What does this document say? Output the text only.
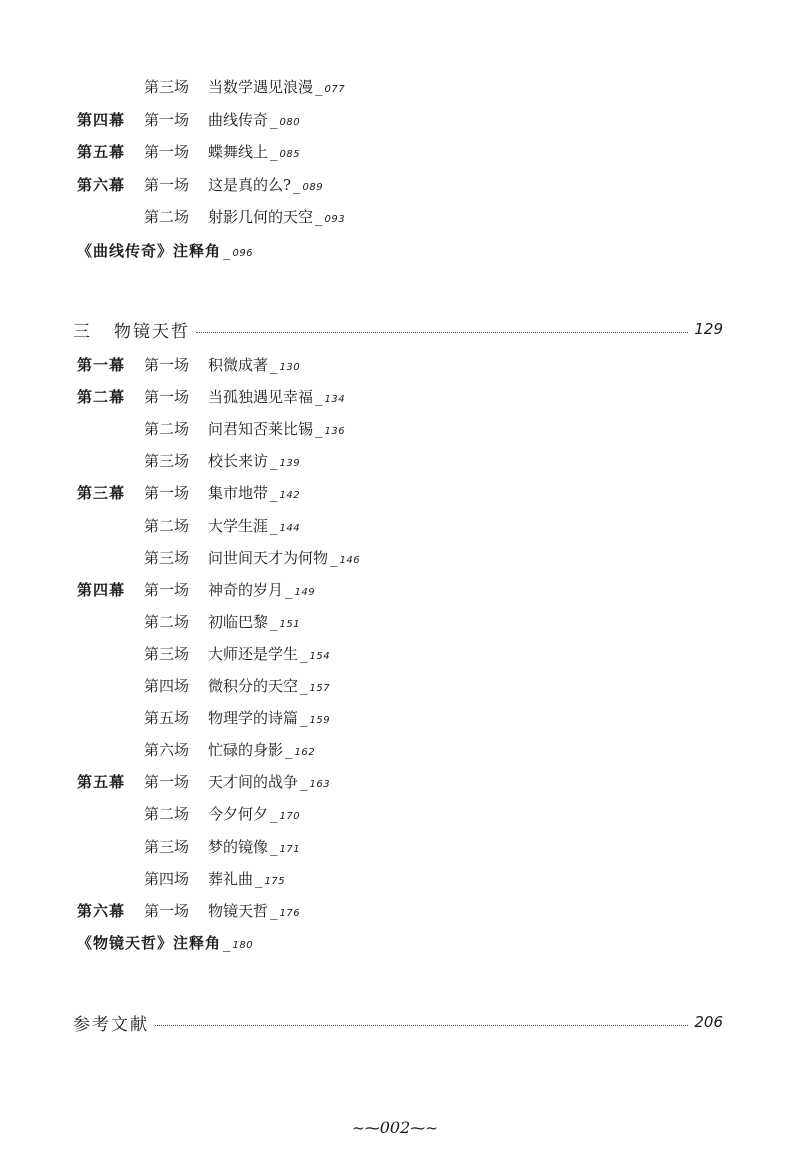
第三场 当数学遇见浪漫 _ 077
第四幕 第一场 曲线传奇 _ 080
第五幕 第一场 蝶舞线上 _ 085
第六幕 第一场 这是真的么? _ 089
第二场 射影几何的天空 _ 093
《曲线传奇》注释角 _ 096
三 物镜天哲	129
第一幕 第一场 积微成著 _ 130
第二幕 第一场 当孤独遇见幸福 _ 134
第二场 问君知否莱比锡 _ 136
第三场 校长来访 _ 139
第三幕 第一场 集市地带 _ 142
第二场 大学生涯 _ 144
第三场 问世间天才为何物 _ 146
第四幕 第一场 神奇的岁月 _ 149
第二场 初临巴黎 _ 151
第三场 大师还是学生 _ 154
第四场 微积分的天空 _ 157
第五场 物理学的诗篇 _ 159
第六场 忙碌的身影 _ 162
第五幕 第一场 天才间的战争 _ 163
第二场 今夕何夕 _ 170
第三场 梦的镜像 _ 171
第四场 葬礼曲 _ 175
第六幕 第一场 物镜天哲 _ 176
《物镜天哲》注释角 _ 180
参考文献	206
~⁓002⁓~
